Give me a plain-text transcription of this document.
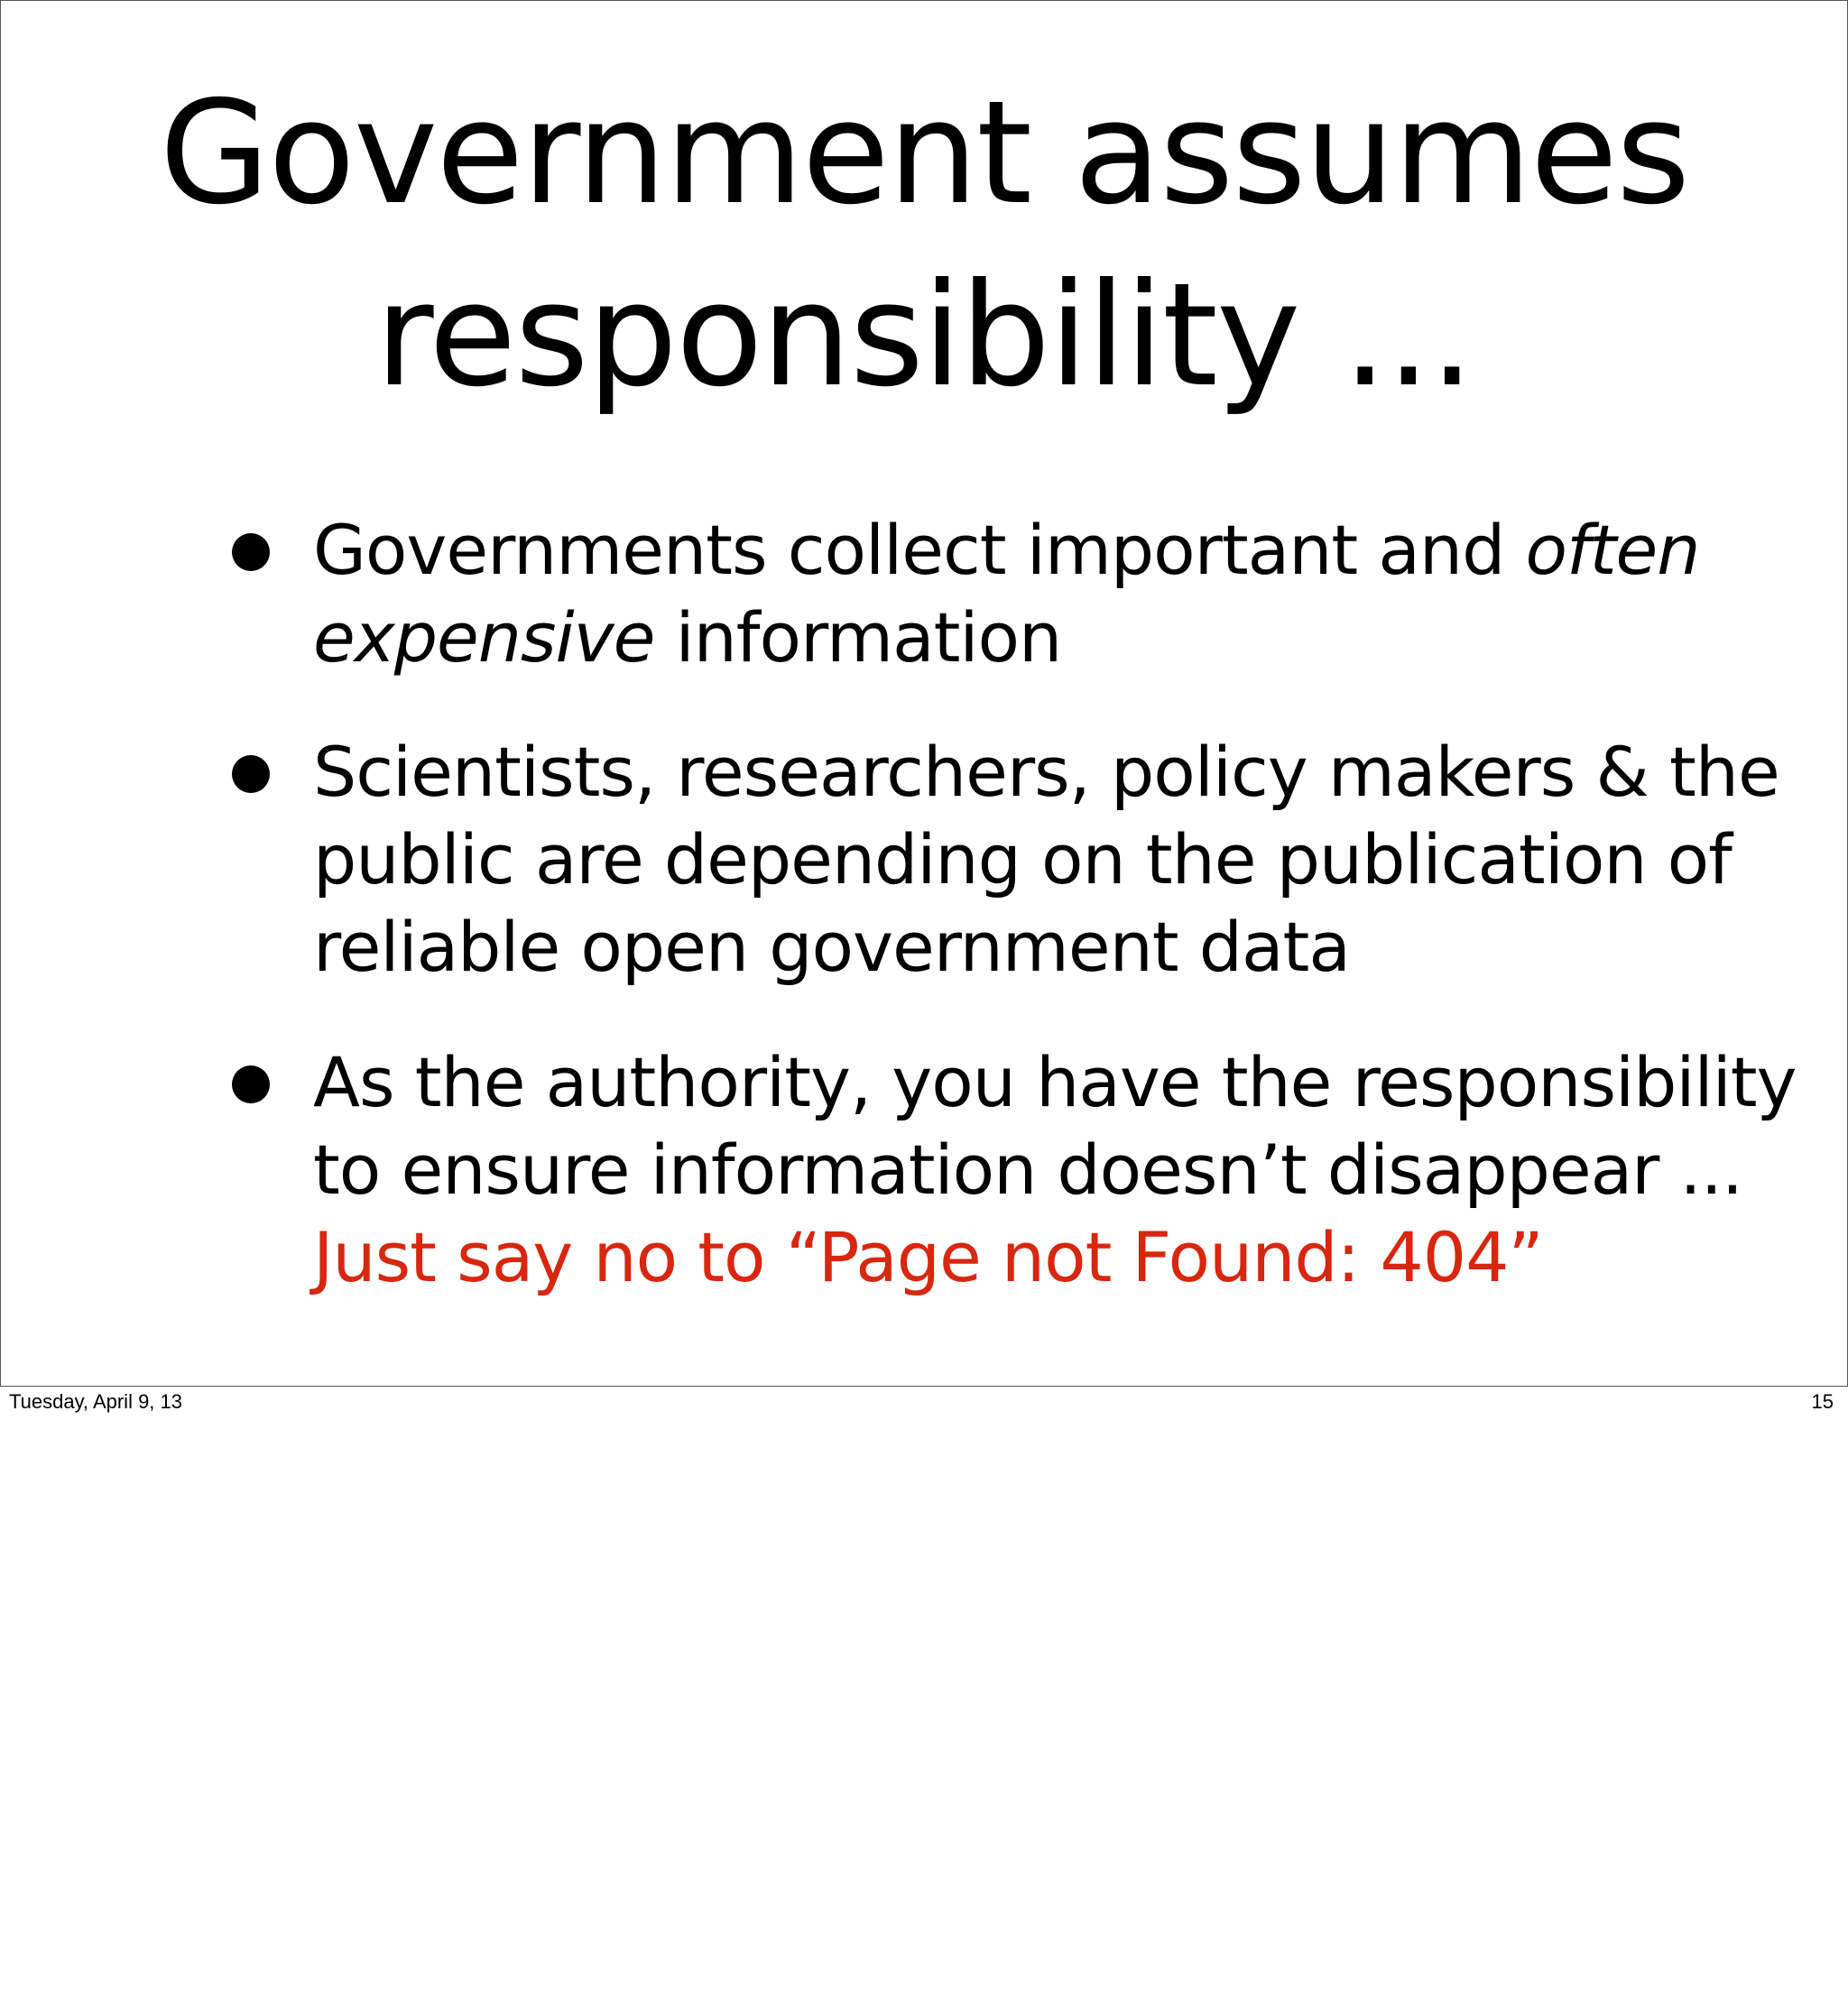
Government assumes
responsibility ...
Governments collect important and often
expensive information
Scientists, researchers, policy makers & the
public are depending on the publication of
reliable open government data
As the authority, you have the responsibility
to ensure information doesn’t disappear ...
Just say no to “Page not Found: 404”
Tuesday, April 9, 13	15
